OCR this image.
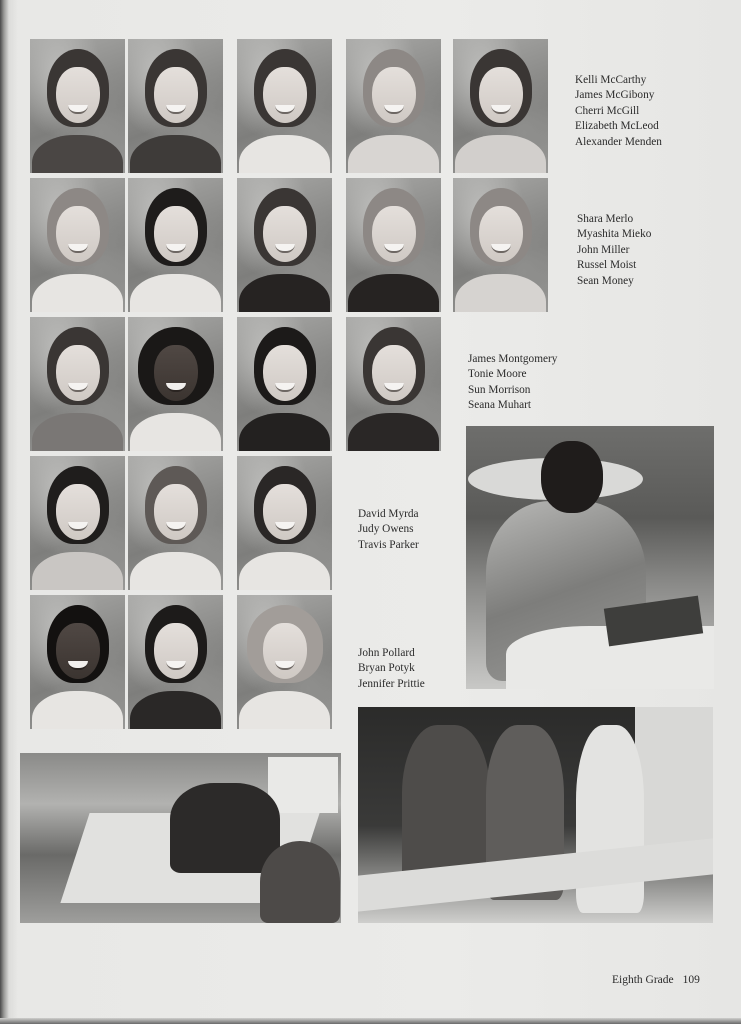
Kelli McCarthy
James McGibony
Cherri McGill
Elizabeth McLeod
Alexander Menden
Shara Merlo
Myashita Mieko
John Miller
Russel Moist
Sean Money
James Montgomery
Tonie Moore
Sun Morrison
Seana Muhart
David Myrda
Judy Owens
Travis Parker
John Pollard
Bryan Potyk
Jennifer Prittie
Eighth Grade 109
